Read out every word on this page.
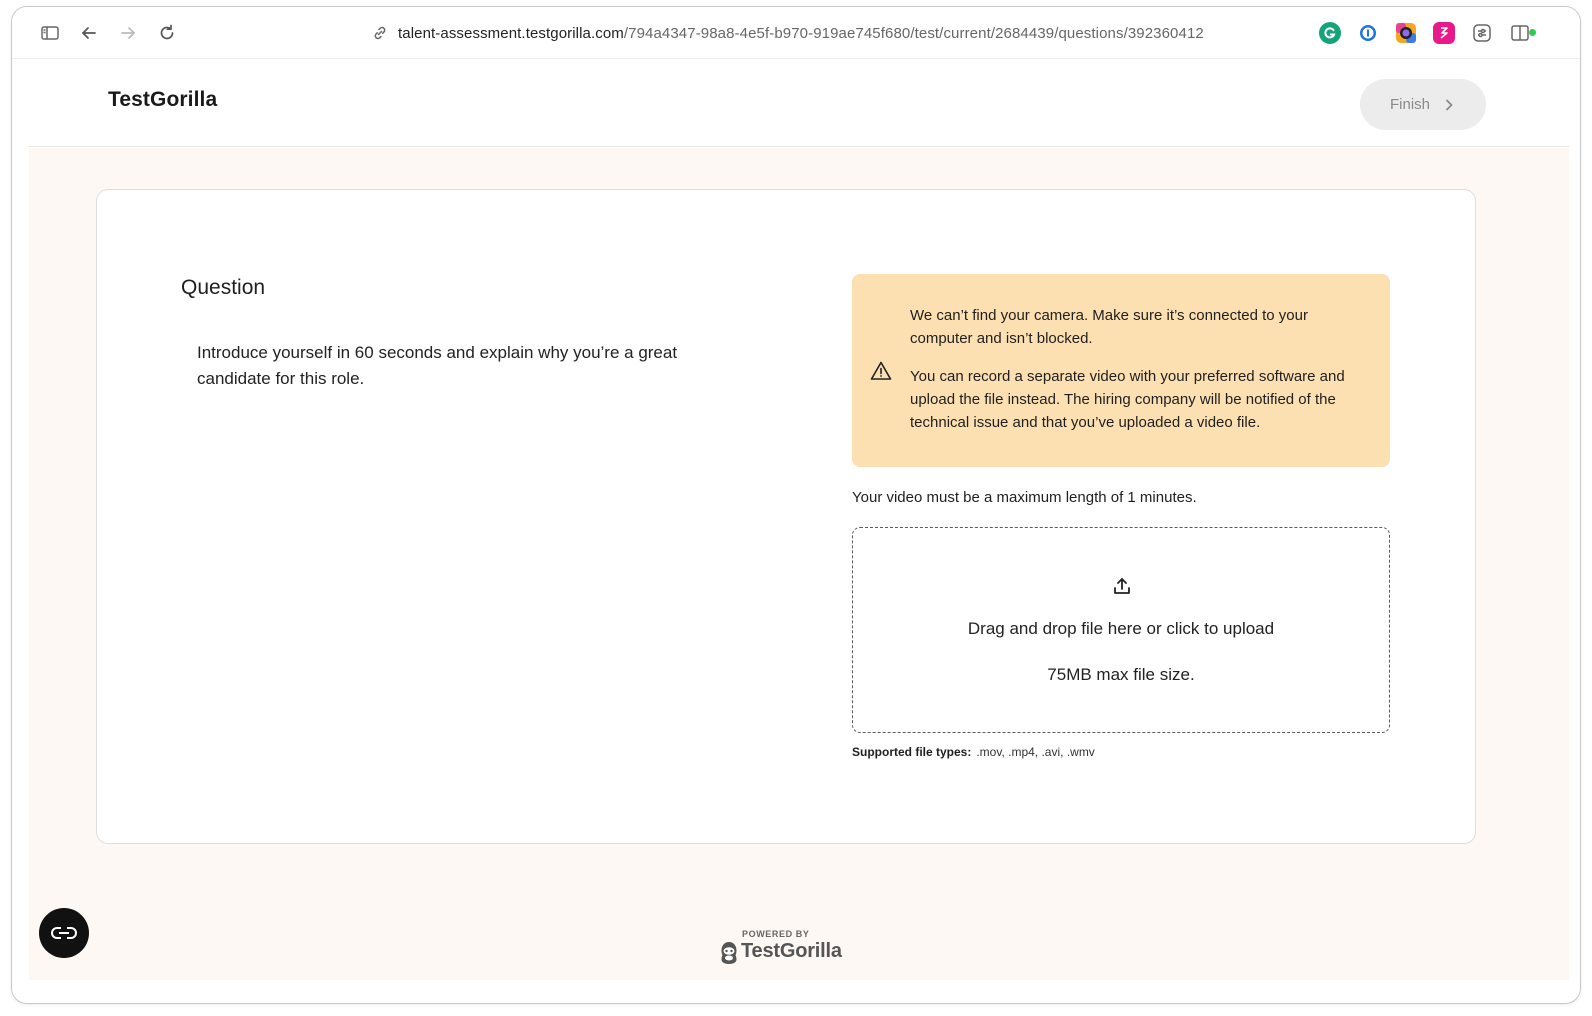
talent-assessment.testgorilla.com /794a4347-98a8-4e5f-b970-919ae745f680/test/current/2684439/questions/392360412
TestGorilla	Finish
Question
Introduce yourself in 60 seconds and explain why you’re a great candidate for this role.

We can’t find your camera. Make sure it’s connected to your computer and isn’t blocked.

You can record a separate video with your preferred software and upload the file instead. The hiring company will be notified of the technical issue and that you’ve uploaded a video file.

Your video must be a maximum length of 1 minutes.
Drag and drop file here or click to upload
75MB max file size.
Supported file types: .mov, .mp4, .avi, .wmv
POWERED BY
TestGorilla
